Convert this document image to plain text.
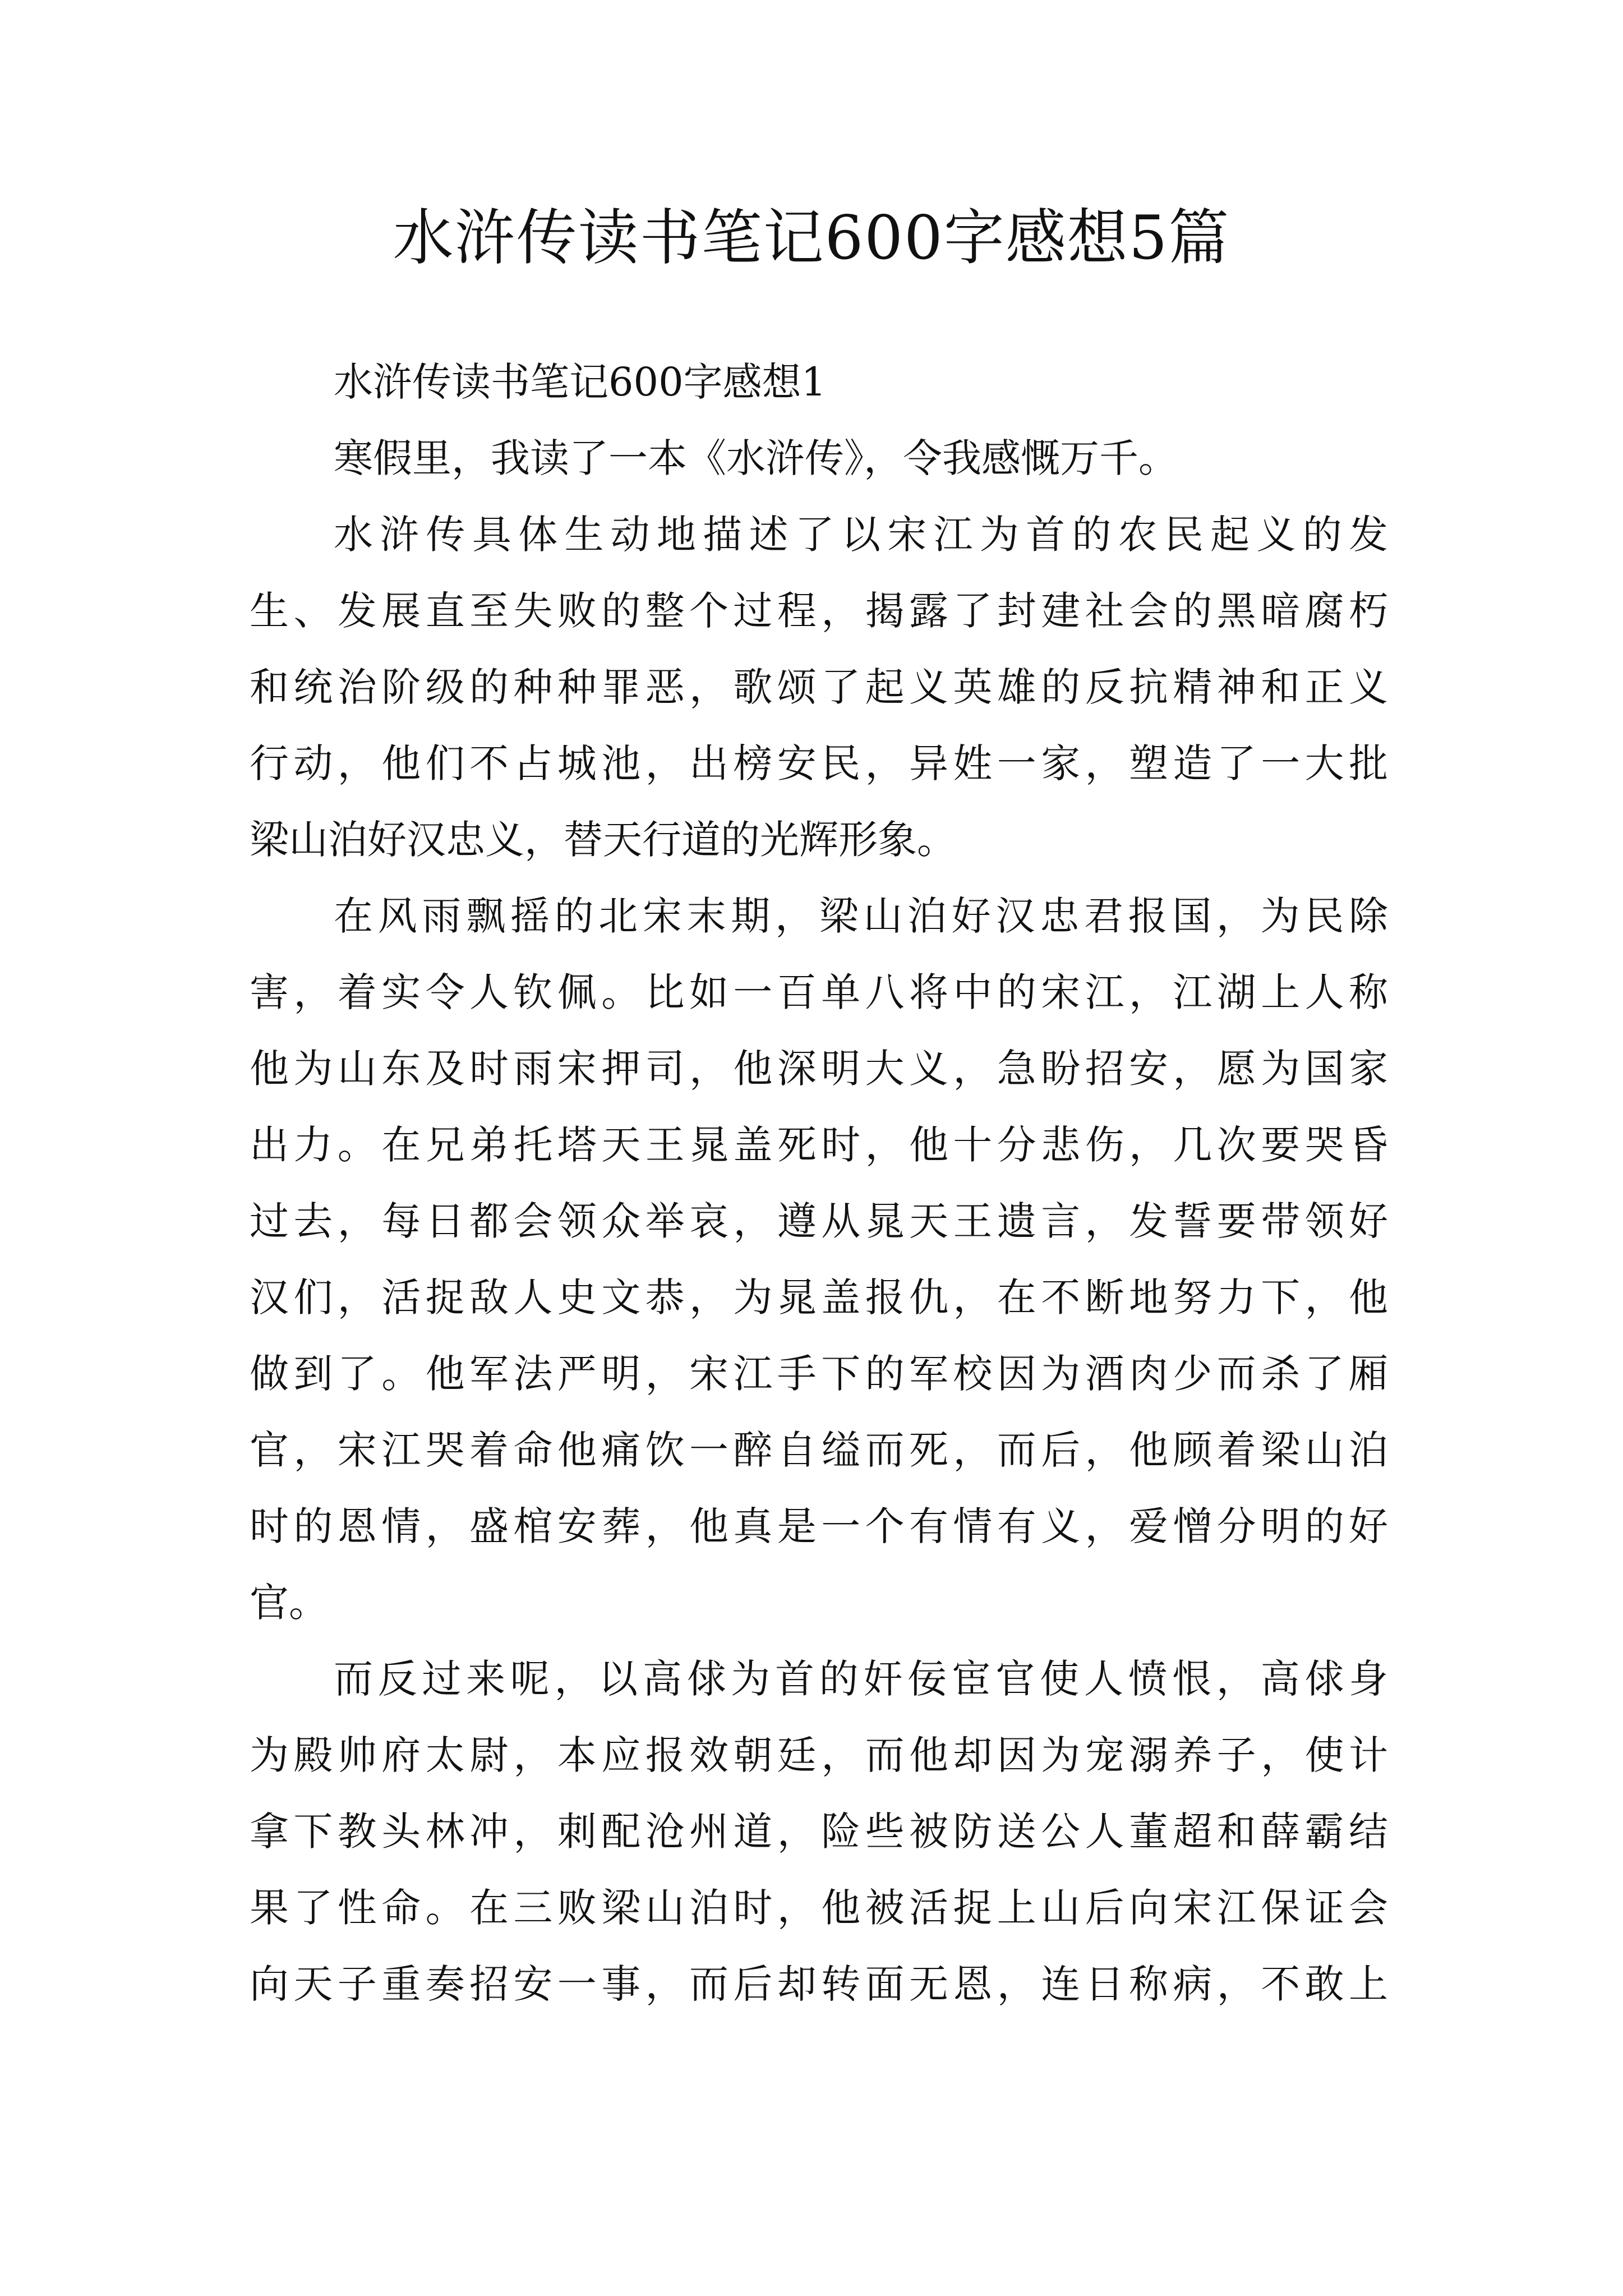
水浒传读书笔记600字感想5篇
水浒传读书笔记600字感想1
寒假里，我读了一本《水浒传》，令我感慨万千。
水浒传具体生动地描述了以宋江为首的农民起义的发
生、发展直至失败的整个过程，揭露了封建社会的黑暗腐朽
和统治阶级的种种罪恶，歌颂了起义英雄的反抗精神和正义
行动，他们不占城池，出榜安民，异姓一家，塑造了一大批
梁山泊好汉忠义，替天行道的光辉形象。
在风雨飘摇的北宋末期，梁山泊好汉忠君报国，为民除
害，着实令人钦佩。比如一百单八将中的宋江，江湖上人称
他为山东及时雨宋押司，他深明大义，急盼招安，愿为国家
出力。在兄弟托塔天王晁盖死时，他十分悲伤，几次要哭昏
过去，每日都会领众举哀，遵从晁天王遗言，发誓要带领好
汉们，活捉敌人史文恭，为晁盖报仇，在不断地努力下，他
做到了。他军法严明，宋江手下的军校因为酒肉少而杀了厢
官，宋江哭着命他痛饮一醉自缢而死，而后，他顾着梁山泊
时的恩情，盛棺安葬，他真是一个有情有义，爱憎分明的好
官。
而反过来呢，以高俅为首的奸佞宦官使人愤恨，高俅身
为殿帅府太尉，本应报效朝廷，而他却因为宠溺养子，使计
拿下教头林冲，刺配沧州道，险些被防送公人董超和薛霸结
果了性命。在三败梁山泊时，他被活捉上山后向宋江保证会
向天子重奏招安一事，而后却转面无恩，连日称病，不敢上
